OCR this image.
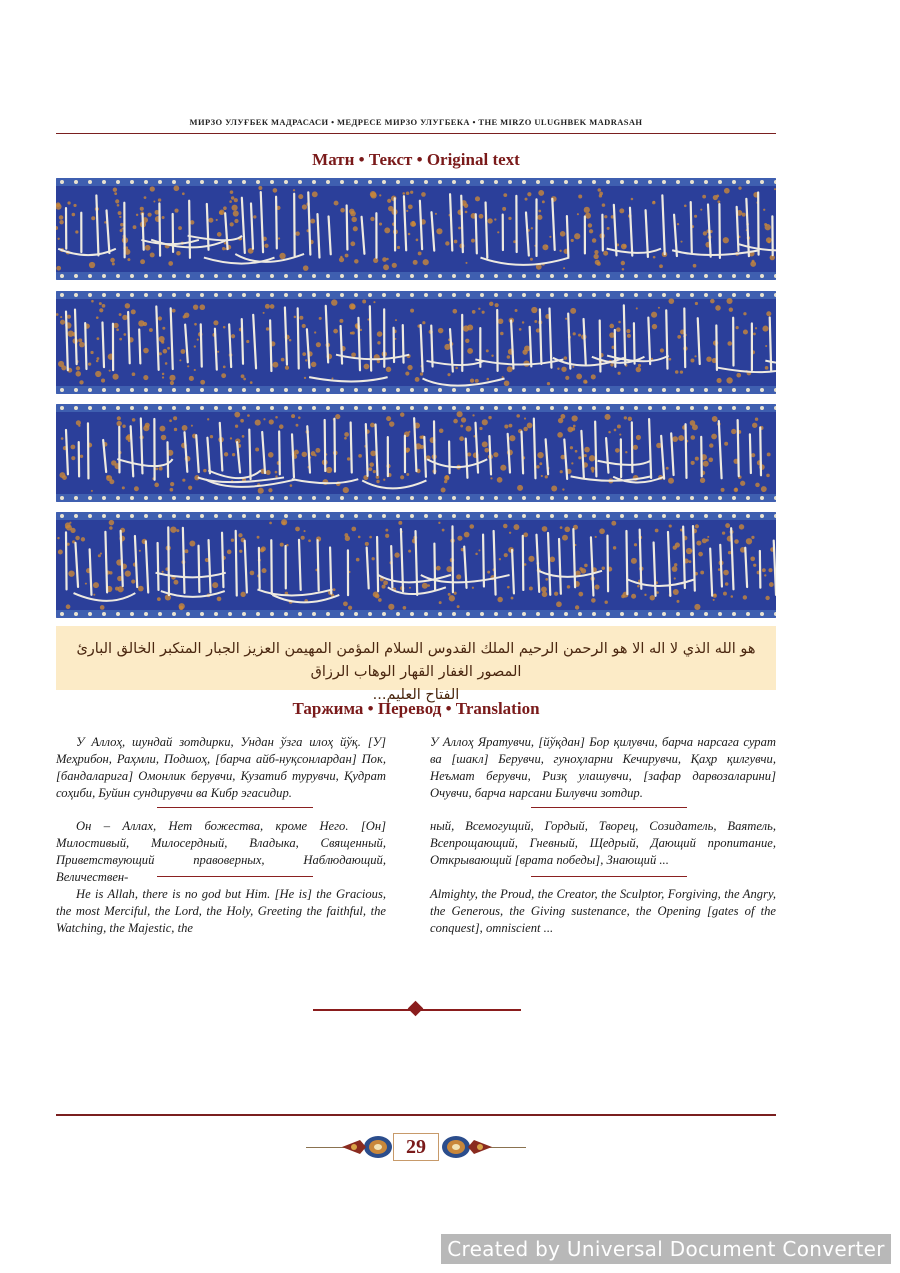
МИРЗО УЛУҒБЕК МАДРАСАСИ • МЕДРЕСЕ МИРЗО УЛУГБЕКА • THE MIRZO ULUGHBEK MADRASAH
Матн • Текст • Original text
هو الله الذي لا اله الا هو الرحمن الرحيم الملك القدوس السلام المؤمن المهيمن العزيز الجبار المتكبر الخالق البارئ المصور الغفار القهار الوهاب الرزاق
الفتاح العليم...
Таржима • Перевод • Translation

У Аллоҳ, шундай зотдирки, Ундан ўзга илоҳ йўқ. [У] Меҳрибон, Раҳмли, Подшоҳ, [барча айб-нуқсонлардан] Пок, [бандаларига] Омонлик берувчи, Кузатиб турувчи, Қудрат соҳиби, Буйин сундирувчи ва Кибр эгасидир.

У Аллоҳ Яратувчи, [йўқдан] Бор қилувчи, барча нарсага сурат ва [шакл] Берувчи, гуноҳларни Кечирувчи, Қаҳр қилгувчи, Неъмат берувчи, Ризқ улашувчи, [зафар дарвозаларини] Очувчи, барча нарсани Билувчи зотдир.

Он – Аллах, Нет божества, кроме Него. [Он] Милостивый, Милосердный, Владыка, Священный, Приветствующий правоверных, Наблюдающий, Величествен-

ный, Всемогущий, Гордый, Творец, Созидатель, Ваятель, Всепрощающий, Гневный, Щедрый, Дающий пропитание, Открывающий [врата победы], Знающий ...

He is Allah, there is no god but Him. [He is] the Gracious, the most Merciful, the Lord, the Holy, Greeting the faithful, the Watching, the Majestic, the

Almighty, the Proud, the Creator, the Sculptor, Forgiving, the Angry, the Generous, the Giving sustenance, the Opening [gates of the conquest], omniscient ...

29
Created by Universal Document Converter
